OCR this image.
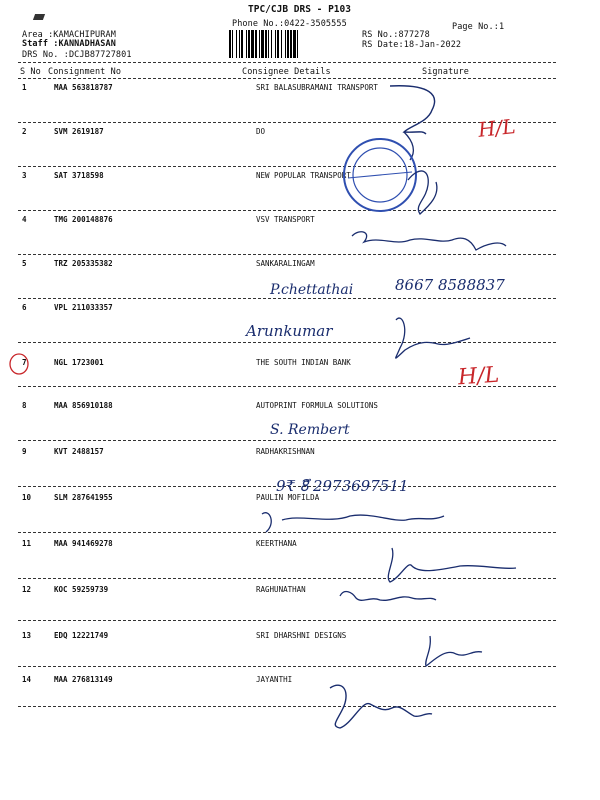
TPC/CJB DRS - P103
Phone No.:0422-3505555
Area :KAMACHIPURAM
Staff :KANNADHASAN
DRS No. :DCJB87727801
RS No.:877278
RS Date:18-Jan-2022
Page No.:1
S No Consignment No	Consignee Details	Signature
1	MAA 563818787	SRI BALASUBRAMANI TRANSPORT
2	SVM 2619187	DO
3	SAT 3718598	NEW POPULAR TRANSPORT
4	TMG 200148876	VSV TRANSPORT
5	TRZ 205335382	SANKARALINGAM
6	VPL 211033357
7	NGL 1723001	THE SOUTH INDIAN BANK
8	MAA 856910188	AUTOPRINT FORMULA SOLUTIONS
9	KVT 2488157	RADHAKRISHNAN
10	SLM 287641955	PAULIN MOFILDA
11	MAA 941469278	KEERTHANA
12	KOC 59259739	RAGHUNATHAN
13	EDQ 12221749	SRI DHARSHNI DESIGNS
14	MAA 276813149	JAYANTHI
H/L
H/L
P.chettathai	8667 8588837
Arunkumar
S. Rembert
9₹ 8ึ 2973697511
